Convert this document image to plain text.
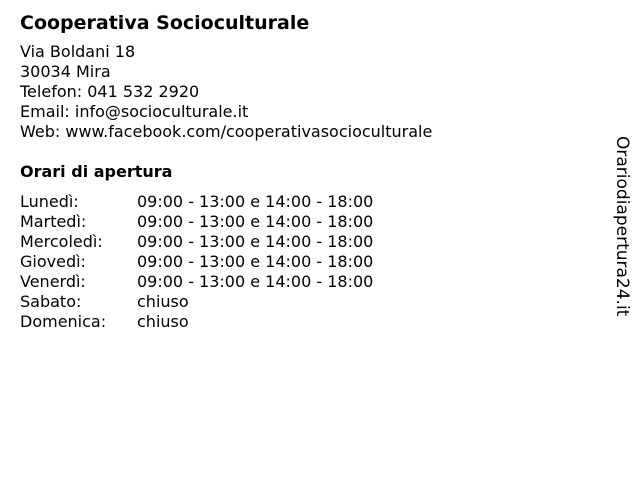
Cooperativa Socioculturale
Via Boldani 18
30034 Mira
Telefon: 041 532 2920
Email: info@socioculturale.it
Web: www.facebook.com/cooperativasocioculturale
Orari di apertura
Lunedì:	09:00 - 13:00 e 14:00 - 18:00
Martedì:	09:00 - 13:00 e 14:00 - 18:00
Mercoledì:	09:00 - 13:00 e 14:00 - 18:00
Giovedì:	09:00 - 13:00 e 14:00 - 18:00
Venerdì:	09:00 - 13:00 e 14:00 - 18:00
Sabato:	chiuso
Domenica:	chiuso
Orariodiapertura24.it
